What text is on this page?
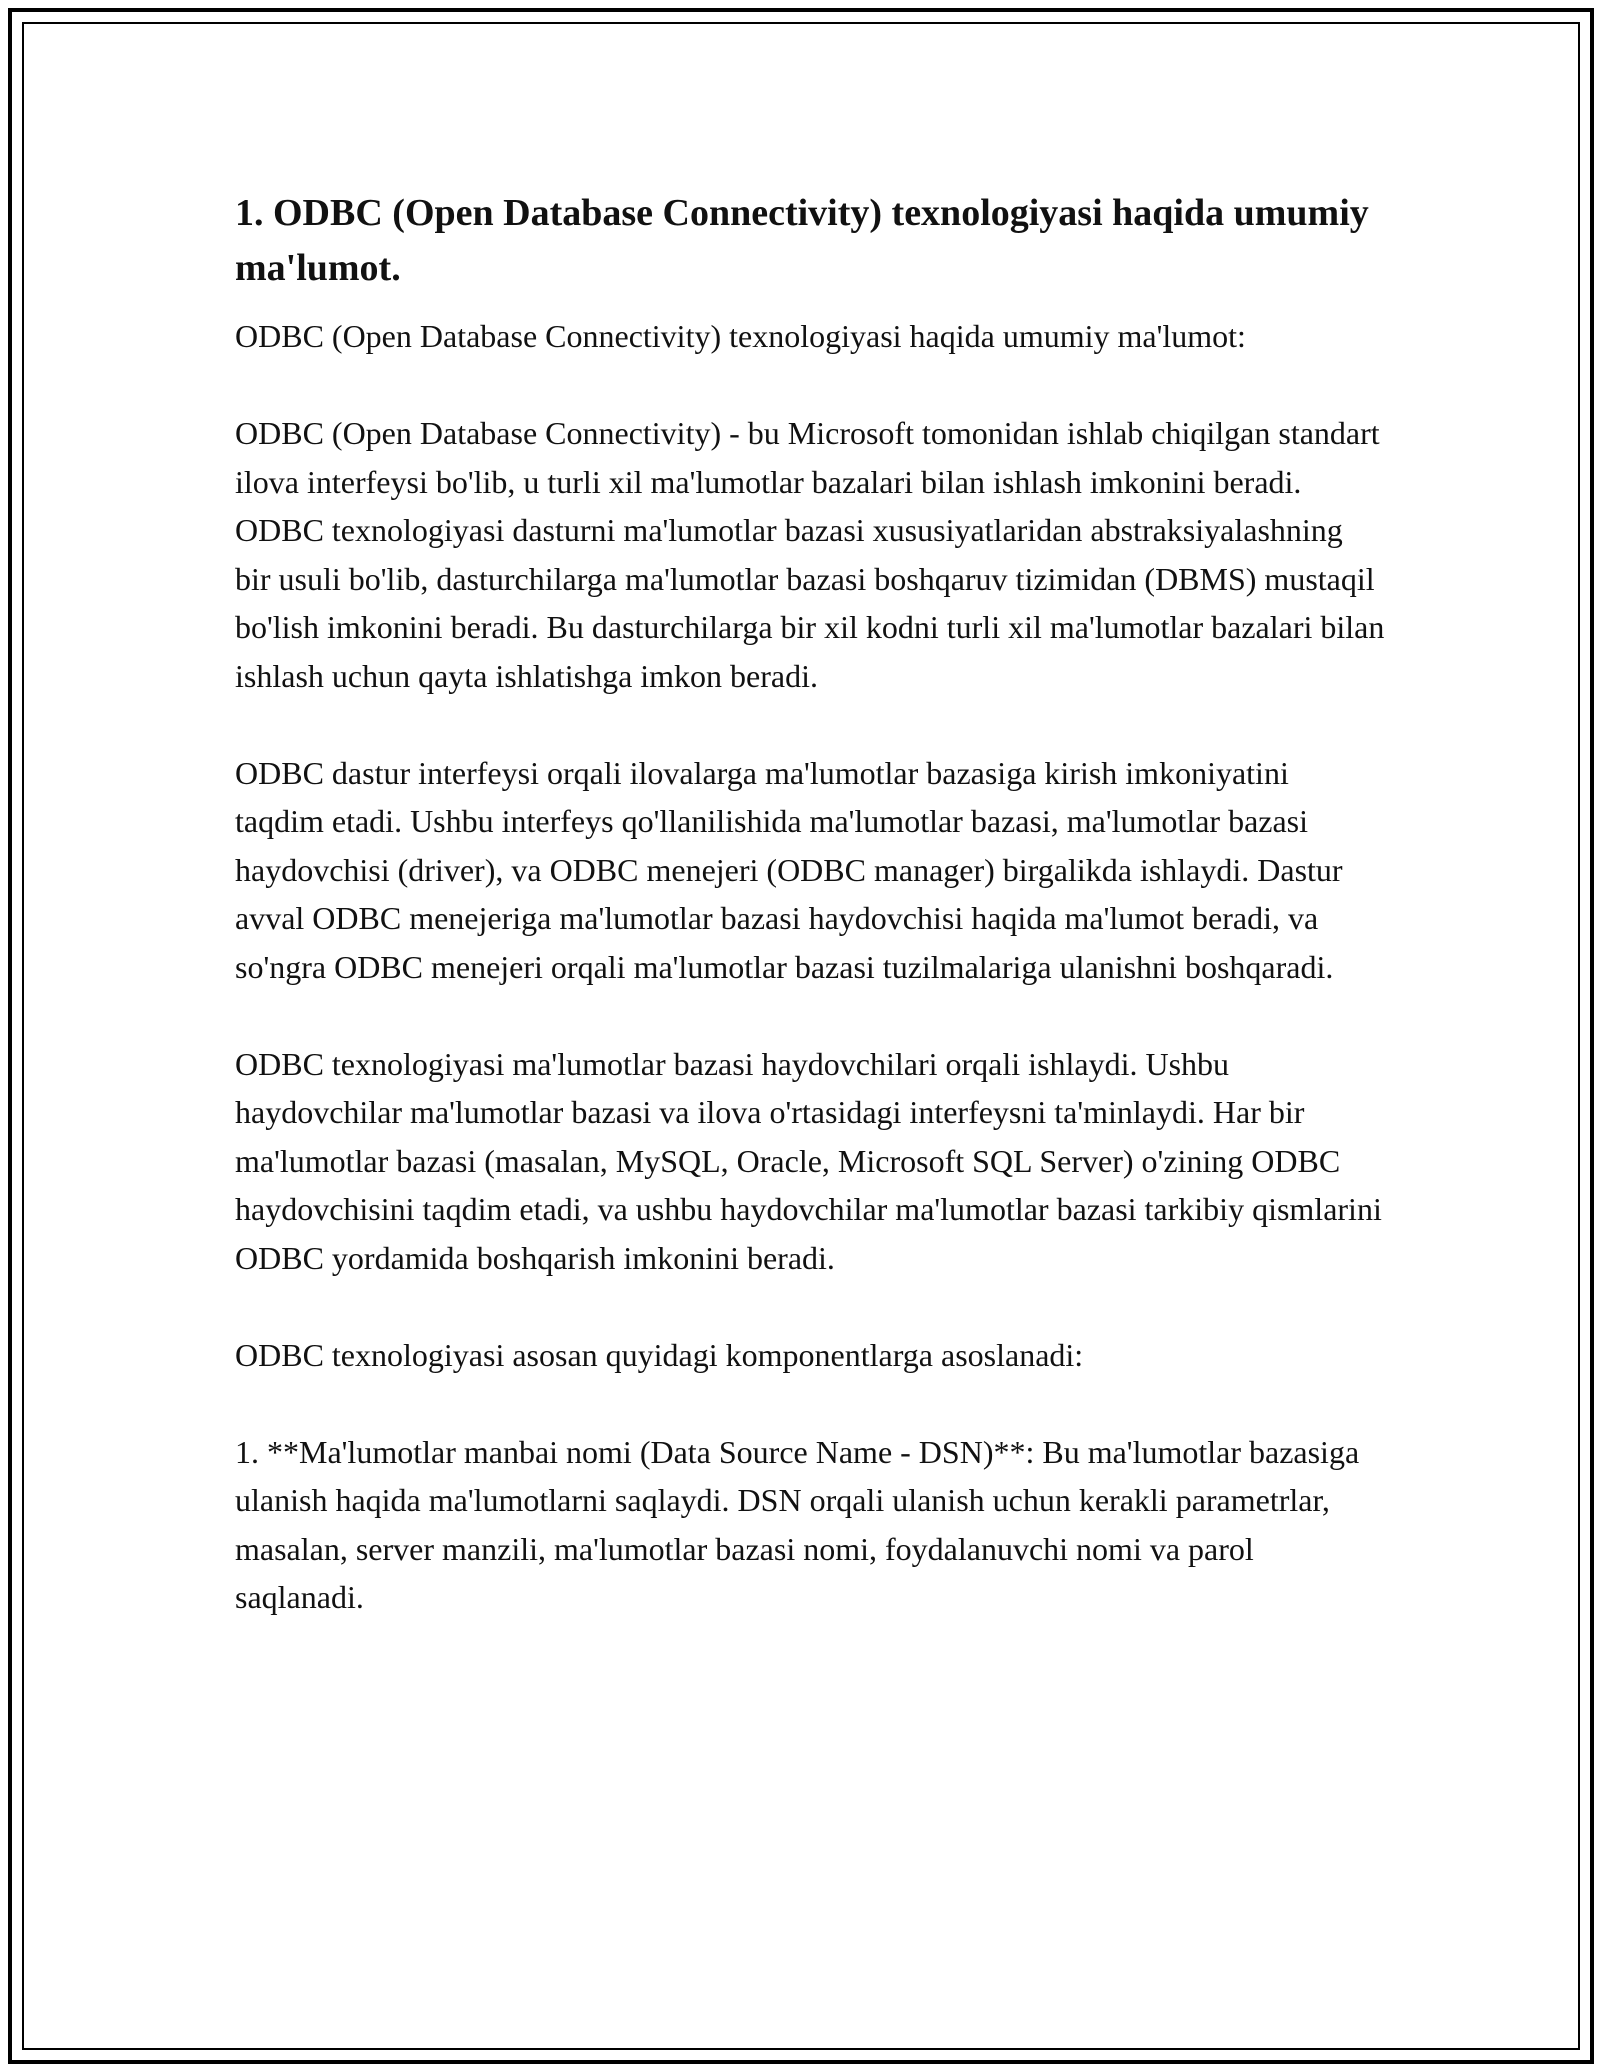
1. ODBC (Open Database Connectivity) texnologiyasi haqida umumiy ma'lumot.

ODBC (Open Database Connectivity) texnologiyasi haqida umumiy ma'lumot:

ODBC (Open Database Connectivity) - bu Microsoft tomonidan ishlab chiqilgan standart ilova interfeysi bo'lib, u turli xil ma'lumotlar bazalari bilan ishlash imkonini beradi. ODBC texnologiyasi dasturni ma'lumotlar bazasi xususiyatlaridan abstraksiyalashning bir usuli bo'lib, dasturchilarga ma'lumotlar bazasi boshqaruv tizimidan (DBMS) mustaqil bo'lish imkonini beradi. Bu dasturchilarga bir xil kodni turli xil ma'lumotlar bazalari bilan ishlash uchun qayta ishlatishga imkon beradi.

ODBC dastur interfeysi orqali ilovalarga ma'lumotlar bazasiga kirish imkoniyatini taqdim etadi. Ushbu interfeys qo'llanilishida ma'lumotlar bazasi, ma'lumotlar bazasi haydovchisi (driver), va ODBC menejeri (ODBC manager) birgalikda ishlaydi. Dastur avval ODBC menejeriga ma'lumotlar bazasi haydovchisi haqida ma'lumot beradi, va so'ngra ODBC menejeri orqali ma'lumotlar bazasi tuzilmalariga ulanishni boshqaradi.

ODBC texnologiyasi ma'lumotlar bazasi haydovchilari orqali ishlaydi. Ushbu haydovchilar ma'lumotlar bazasi va ilova o'rtasidagi interfeysni ta'minlaydi. Har bir ma'lumotlar bazasi (masalan, MySQL, Oracle, Microsoft SQL Server) o'zining ODBC haydovchisini taqdim etadi, va ushbu haydovchilar ma'lumotlar bazasi tarkibiy qismlarini ODBC yordamida boshqarish imkonini beradi.

ODBC texnologiyasi asosan quyidagi komponentlarga asoslanadi:

1. **Ma'lumotlar manbai nomi (Data Source Name - DSN)**: Bu ma'lumotlar bazasiga ulanish haqida ma'lumotlarni saqlaydi. DSN orqali ulanish uchun kerakli parametrlar, masalan, server manzili, ma'lumotlar bazasi nomi, foydalanuvchi nomi va parol saqlanadi.
